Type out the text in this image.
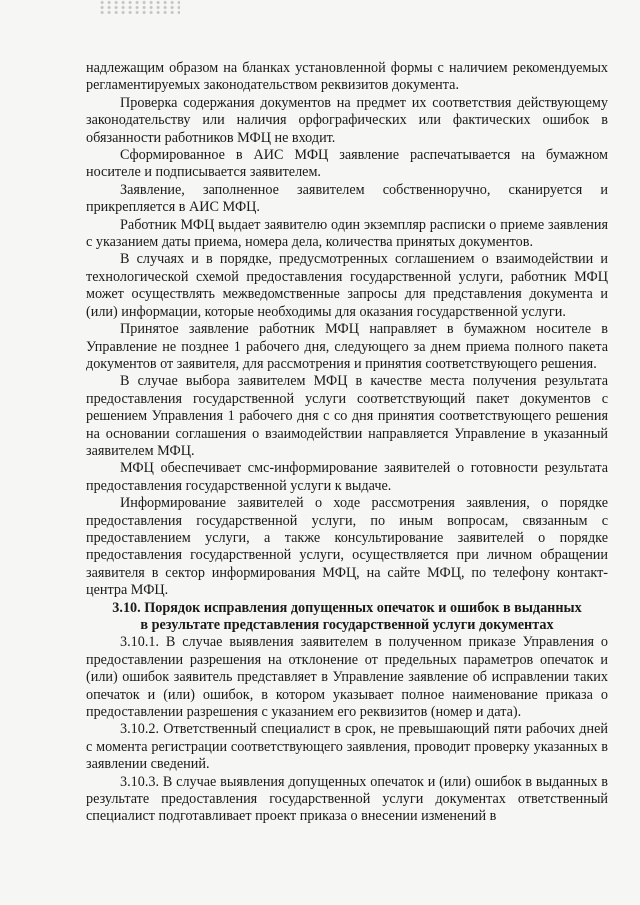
надлежащим образом на бланках установленной формы с наличием рекомендуемых регламентируемых законодательством реквизитов документа.

Проверка содержания документов на предмет их соответствия действующему законодательству или наличия орфографических или фактических ошибок в обязанности работников МФЦ не входит.

Сформированное в АИС МФЦ заявление распечатывается на бумажном носителе и подписывается заявителем.

Заявление, заполненное заявителем собственноручно, сканируется и прикрепляется в АИС МФЦ.

Работник МФЦ выдает заявителю один экземпляр расписки о приеме заявления с указанием даты приема, номера дела, количества принятых документов.

В случаях и в порядке, предусмотренных соглашением о взаимодействии и технологической схемой предоставления государственной услуги, работник МФЦ может осуществлять межведомственные запросы для представления документа и (или) информации, которые необходимы для оказания государственной услуги.

Принятое заявление работник МФЦ направляет в бумажном носителе в Управление не позднее 1 рабочего дня, следующего за днем приема полного пакета документов от заявителя, для рассмотрения и принятия соответствующего решения.

В случае выбора заявителем МФЦ в качестве места получения результата предоставления государственной услуги соответствующий пакет документов с решением Управления 1 рабочего дня с со дня принятия соответствующего решения на основании соглашения о взаимодействии направляется Управление в указанный заявителем МФЦ.

МФЦ обеспечивает смс-информирование заявителей о готовности результата предоставления государственной услуги к выдаче.

Информирование заявителей о ходе рассмотрения заявления, о порядке предоставления государственной услуги, по иным вопросам, связанным с предоставлением услуги, а также консультирование заявителей о порядке предоставления государственной услуги, осуществляется при личном обращении заявителя в сектор информирования МФЦ, на сайте МФЦ, по телефону контакт-центра МФЦ.

3.10. Порядок исправления допущенных опечаток и ошибок в выданных
в результате представления государственной услуги документах

3.10.1. В случае выявления заявителем в полученном приказе Управления о предоставлении разрешения на отклонение от предельных параметров опечаток и (или) ошибок заявитель представляет в Управление заявление об исправлении таких опечаток и (или) ошибок, в котором указывает полное наименование приказа о предоставлении разрешения с указанием его реквизитов (номер и дата).

3.10.2. Ответственный специалист в срок, не превышающий пяти рабочих дней с момента регистрации соответствующего заявления, проводит проверку указанных в заявлении сведений.

3.10.3. В случае выявления допущенных опечаток и (или) ошибок в выданных в результате предоставления государственной услуги документах ответственный специалист подготавливает проект приказа о внесении изменений в
